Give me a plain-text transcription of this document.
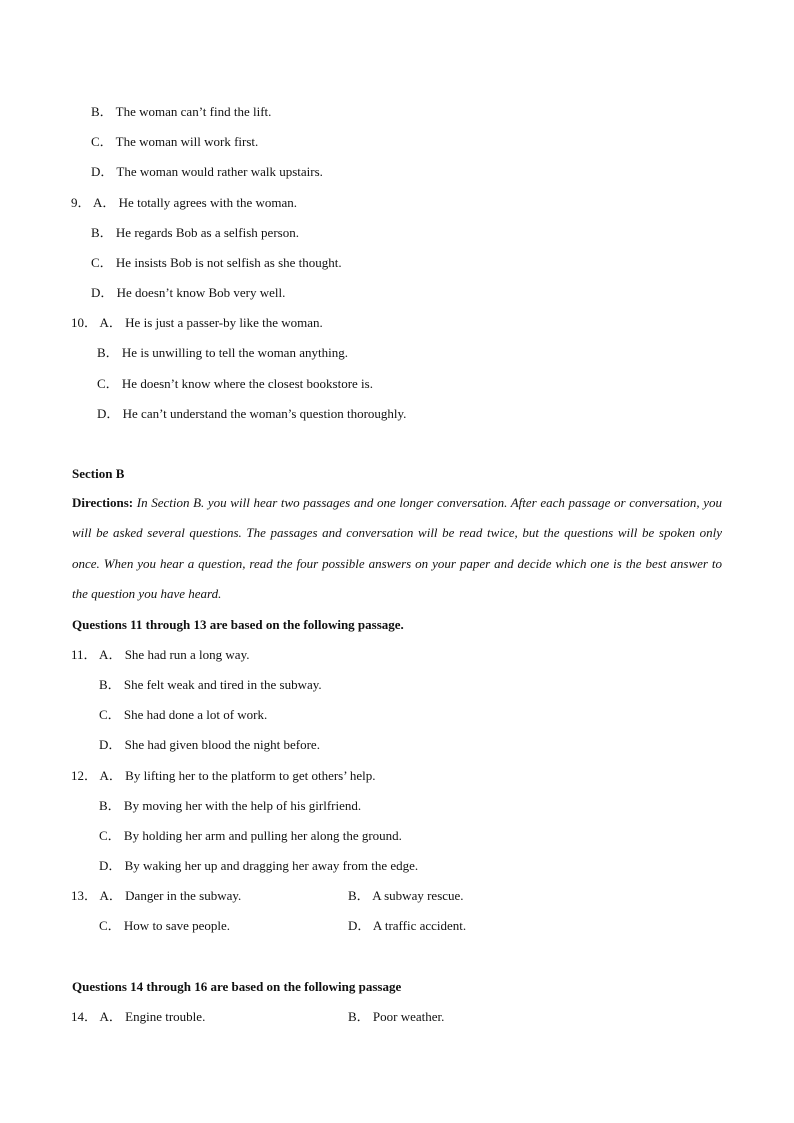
B． The woman can’t find the lift.
C． The woman will work first.
D． The woman would rather walk upstairs.
9． A． He totally agrees with the woman.
B． He regards Bob as a selfish person.
C． He insists Bob is not selfish as she thought.
D． He doesn’t know Bob very well.
10． A． He is just a passer-by like the woman.
B． He is unwilling to tell the woman anything.
C． He doesn’t know where the closest bookstore is.
D． He can’t understand the woman’s question thoroughly.
Section B
Directions: In Section B. you will hear two passages and one longer conversation. After each passage or conversation, you will be asked several questions. The passages and conversation will be read twice, but the questions will be spoken only once. When you hear a question, read the four possible answers on your paper and decide which one is the best answer to the question you have heard.
Questions 11 through 13 are based on the following passage.
11． A． She had run a long way.
B． She felt weak and tired in the subway.
C． She had done a lot of work.
D． She had given blood the night before.
12． A． By lifting her to the platform to get others’ help.
B． By moving her with the help of his girlfriend.
C． By holding her arm and pulling her along the ground.
D． By waking her up and dragging her away from the edge.
13． A． Danger in the subway.	B． A subway rescue.
C． How to save people.	D． A traffic accident.
Questions 14 through 16 are based on the following passage
14． A． Engine trouble.	B． Poor weather.
